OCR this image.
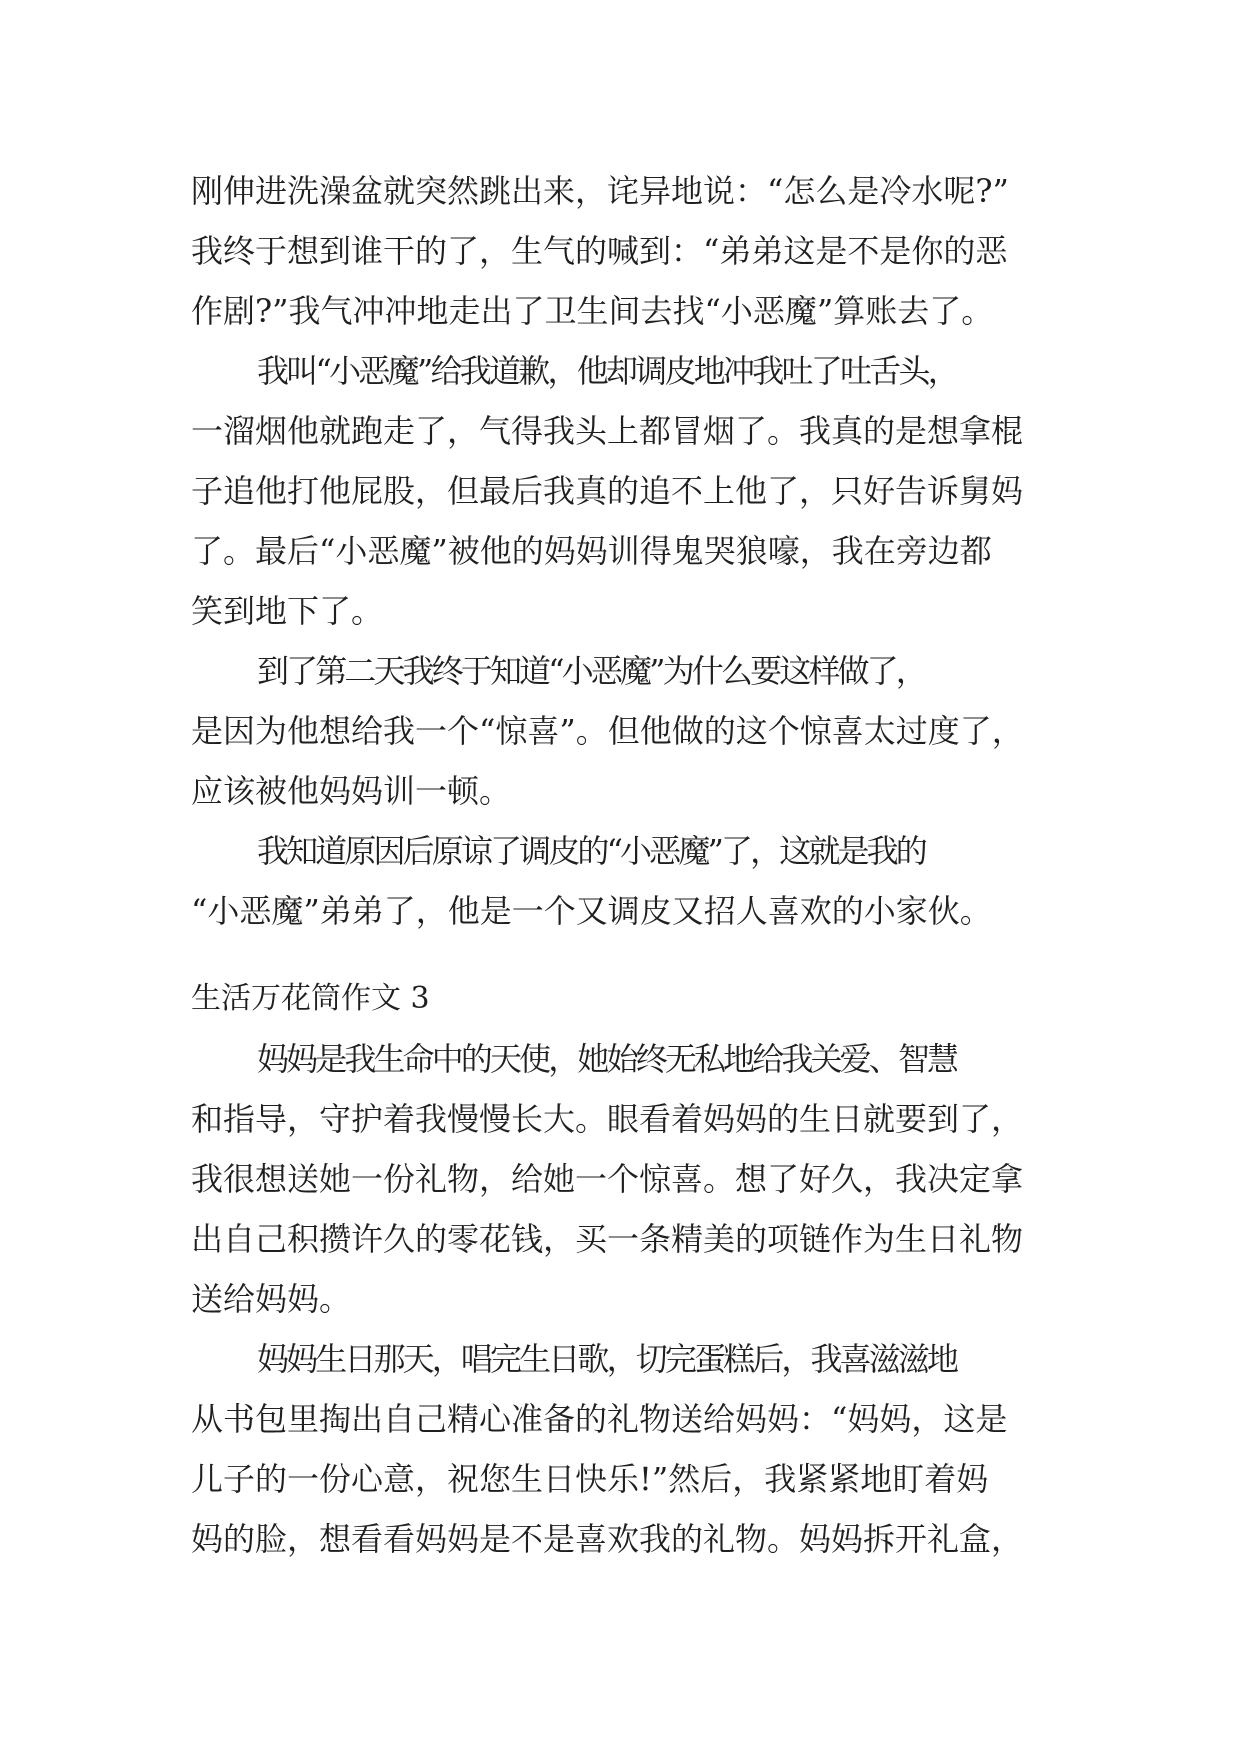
刚伸进洗澡盆就突然跳出来，诧异地说：“怎么是冷水呢?”
我终于想到谁干的了，生气的喊到：“弟弟这是不是你的恶
作剧?”我气冲冲地走出了卫生间去找“小恶魔”算账去了。
我叫“小恶魔”给我道歉，他却调皮地冲我吐了吐舌头，
一溜烟他就跑走了，气得我头上都冒烟了。我真的是想拿棍
子追他打他屁股，但最后我真的追不上他了，只好告诉舅妈
了。最后“小恶魔”被他的妈妈训得鬼哭狼嚎，我在旁边都
笑到地下了。
到了第二天我终于知道“小恶魔”为什么要这样做了，
是因为他想给我一个“惊喜”。但他做的这个惊喜太过度了，
应该被他妈妈训一顿。
我知道原因后原谅了调皮的“小恶魔”了，这就是我的
“小恶魔”弟弟了，他是一个又调皮又招人喜欢的小家伙。
生活万花筒作文 3
妈妈是我生命中的天使，她始终无私地给我关爱、智慧
和指导，守护着我慢慢长大。眼看着妈妈的生日就要到了，
我很想送她一份礼物，给她一个惊喜。想了好久，我决定拿
出自己积攒许久的零花钱，买一条精美的项链作为生日礼物
送给妈妈。
妈妈生日那天，唱完生日歌，切完蛋糕后，我喜滋滋地
从书包里掏出自己精心准备的礼物送给妈妈：“妈妈，这是
儿子的一份心意，祝您生日快乐!”然后，我紧紧地盯着妈
妈的脸，想看看妈妈是不是喜欢我的礼物。妈妈拆开礼盒，
